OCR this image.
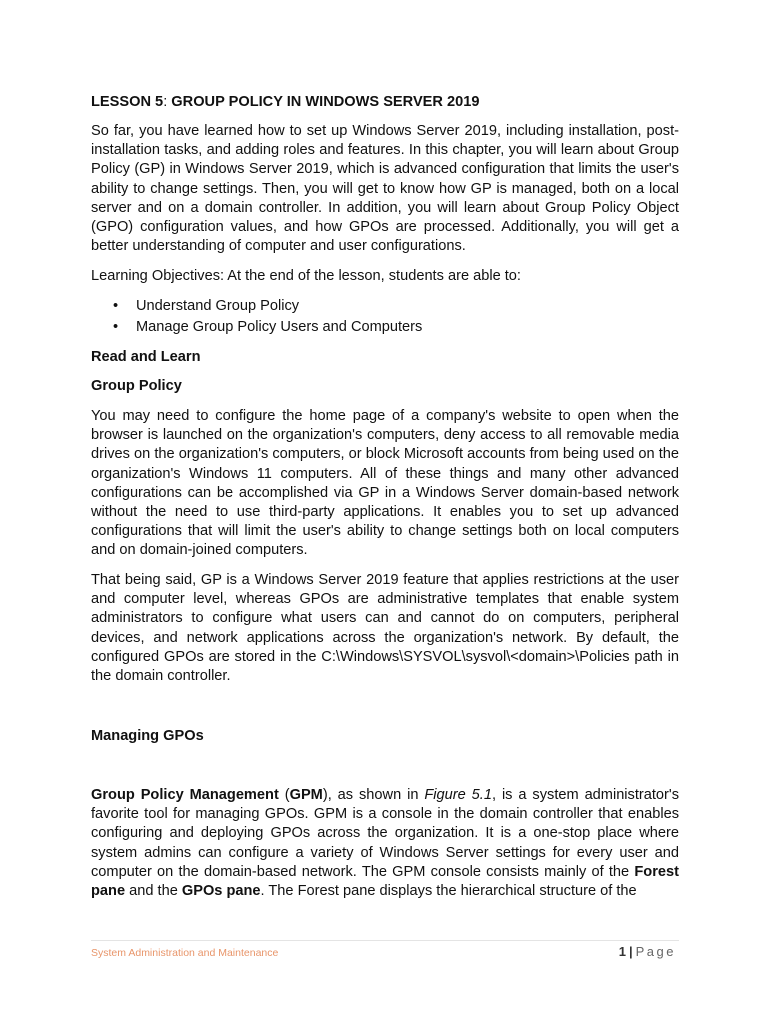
LESSON 5: GROUP POLICY IN WINDOWS SERVER 2019

So far, you have learned how to set up Windows Server 2019, including installation, post-installation tasks, and adding roles and features. In this chapter, you will learn about Group Policy (GP) in Windows Server 2019, which is advanced configuration that limits the user's ability to change settings. Then, you will get to know how GP is managed, both on a local server and on a domain controller. In addition, you will learn about Group Policy Object (GPO) configuration values, and how GPOs are processed. Additionally, you will get a better understanding of computer and user configurations.

Learning Objectives: At the end of the lesson, students are able to:

• Understand Group Policy
• Manage Group Policy Users and Computers
Read and Learn
Group Policy

You may need to configure the home page of a company's website to open when the browser is launched on the organization's computers, deny access to all removable media drives on the organization's computers, or block Microsoft accounts from being used on the organization's Windows 11 computers. All of these things and many other advanced configurations can be accomplished via GP in a Windows Server domain-based network without the need to use third-party applications. It enables you to set up advanced configurations that will limit the user's ability to change settings both on local computers and on domain-joined computers.

That being said, GP is a Windows Server 2019 feature that applies restrictions at the user and computer level, whereas GPOs are administrative templates that enable system administrators to configure what users can and cannot do on computers, peripheral devices, and network applications across the organization's network. By default, the configured GPOs are stored in the C:\Windows\SYSVOL\sysvol\<domain>\Policies path in the domain controller.

Managing GPOs

Group Policy Management (GPM), as shown in Figure 5.1, is a system administrator's favorite tool for managing GPOs. GPM is a console in the domain controller that enables configuring and deploying GPOs across the organization. It is a one-stop place where system admins can configure a variety of Windows Server settings for every user and computer on the domain-based network. The GPM console consists mainly of the Forest pane and the GPOs pane. The Forest pane displays the hierarchical structure of the

System Administration and Maintenance	1 | Page
